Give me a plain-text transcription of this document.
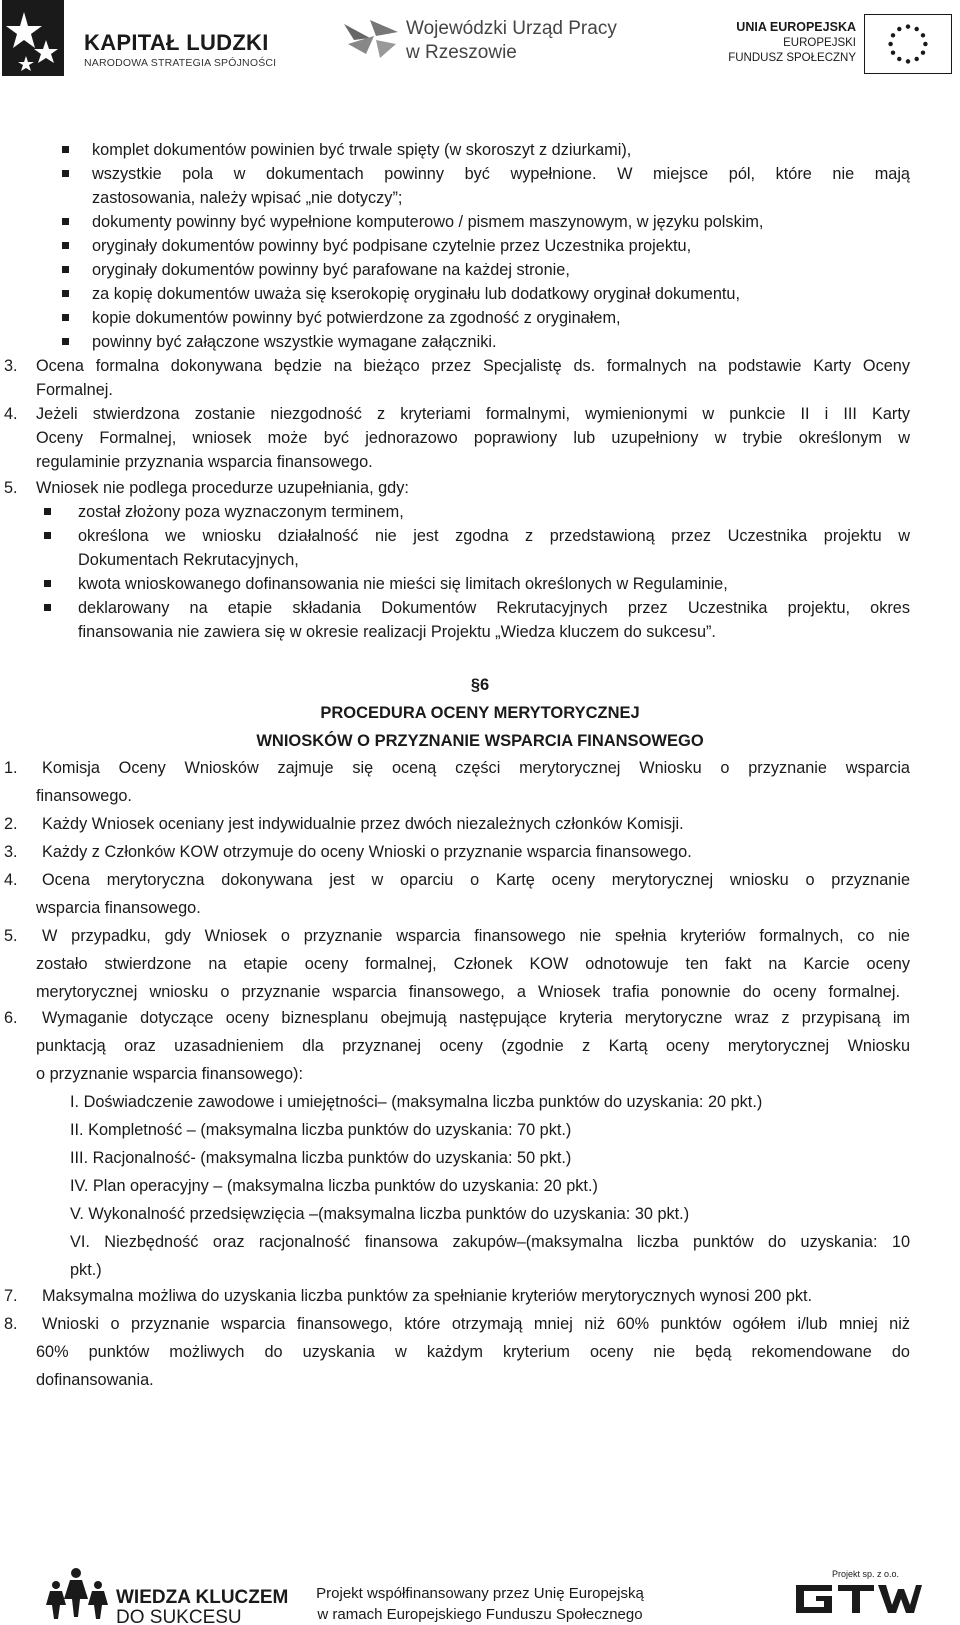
KAPITAŁ LUDZKI
NARODOWA STRATEGIA SPÓJNOŚCI
Wojewódzki Urząd Pracy
w Rzeszowie
UNIA EUROPEJSKA
EUROPEJSKI
FUNDUSZ SPOŁECZNY
komplet dokumentów powinien być trwale spięty (w skoroszyt z dziurkami),
wszystkie pola w dokumentach powinny być wypełnione. W miejsce pól, które nie mają
zastosowania, należy wpisać „nie dotyczy”;
dokumenty powinny być wypełnione komputerowo / pismem maszynowym, w języku polskim,
oryginały dokumentów powinny być podpisane czytelnie przez Uczestnika projektu,
oryginały dokumentów powinny być parafowane na każdej stronie,
za kopię dokumentów uważa się kserokopię oryginału lub dodatkowy oryginał dokumentu,
kopie dokumentów powinny być potwierdzone za zgodność z oryginałem,
powinny być załączone wszystkie wymagane załączniki.
3. Ocena formalna dokonywana będzie na bieżąco przez Specjalistę ds. formalnych na podstawie Karty Oceny
Formalnej.
4. Jeżeli stwierdzona zostanie niezgodność z kryteriami formalnymi, wymienionymi w punkcie II i III Karty
Oceny Formalnej, wniosek może być jednorazowo poprawiony lub uzupełniony w trybie określonym w
regulaminie przyznania wsparcia finansowego.
5. Wniosek nie podlega procedurze uzupełniania, gdy:
został złożony poza wyznaczonym terminem,
określona we wniosku działalność nie jest zgodna z przedstawioną przez Uczestnika projektu w
Dokumentach Rekrutacyjnych,
kwota wnioskowanego dofinansowania nie mieści się limitach określonych w Regulaminie,
deklarowany na etapie składania Dokumentów Rekrutacyjnych przez Uczestnika projektu, okres
finansowania nie zawiera się w okresie realizacji Projektu „Wiedza kluczem do sukcesu”.
§6
PROCEDURA OCENY MERYTORYCZNEJ
WNIOSKÓW O PRZYZNANIE WSPARCIA FINANSOWEGO
1. Komisja Oceny Wniosków zajmuje się oceną części merytorycznej Wniosku o przyznanie wsparcia
finansowego.
2. Każdy Wniosek oceniany jest indywidualnie przez dwóch niezależnych członków Komisji.
3. Każdy z Członków KOW otrzymuje do oceny Wnioski o przyznanie wsparcia finansowego.
4. Ocena merytoryczna dokonywana jest w oparciu o Kartę oceny merytorycznej wniosku o przyznanie
wsparcia finansowego.
5. W przypadku, gdy Wniosek o przyznanie wsparcia finansowego nie spełnia kryteriów formalnych, co nie
zostało stwierdzone na etapie oceny formalnej, Członek KOW odnotowuje ten fakt na Karcie oceny
merytorycznej wniosku o przyznanie wsparcia finansowego, a Wniosek trafia ponownie do oceny formalnej.
6. Wymaganie dotyczące oceny biznesplanu obejmują następujące kryteria merytoryczne wraz z przypisaną im
punktacją oraz uzasadnieniem dla przyznanej oceny (zgodnie z Kartą oceny merytorycznej Wniosku
o przyznanie wsparcia finansowego):
I. Doświadczenie zawodowe i umiejętności– (maksymalna liczba punktów do uzyskania: 20 pkt.)
II. Kompletność – (maksymalna liczba punktów do uzyskania: 70 pkt.)
III. Racjonalność- (maksymalna liczba punktów do uzyskania: 50 pkt.)
IV. Plan operacyjny – (maksymalna liczba punktów do uzyskania: 20 pkt.)
V. Wykonalność przedsięwzięcia –(maksymalna liczba punktów do uzyskania: 30 pkt.)
VI. Niezbędność oraz racjonalność finansowa zakupów–(maksymalna liczba punktów do uzyskania: 10
pkt.)
7. Maksymalna możliwa do uzyskania liczba punktów za spełnianie kryteriów merytorycznych wynosi 200 pkt.
8. Wnioski o przyznanie wsparcia finansowego, które otrzymają mniej niż 60% punktów ogółem i/lub mniej niż
60% punktów możliwych do uzyskania w każdym kryterium oceny nie będą rekomendowane do
dofinansowania.
WIEDZA KLUCZEM
DO SUKCESU
Projekt współfinansowany przez Unię Europejską
w ramach Europejskiego Funduszu Społecznego
Projekt sp. z o.o.
